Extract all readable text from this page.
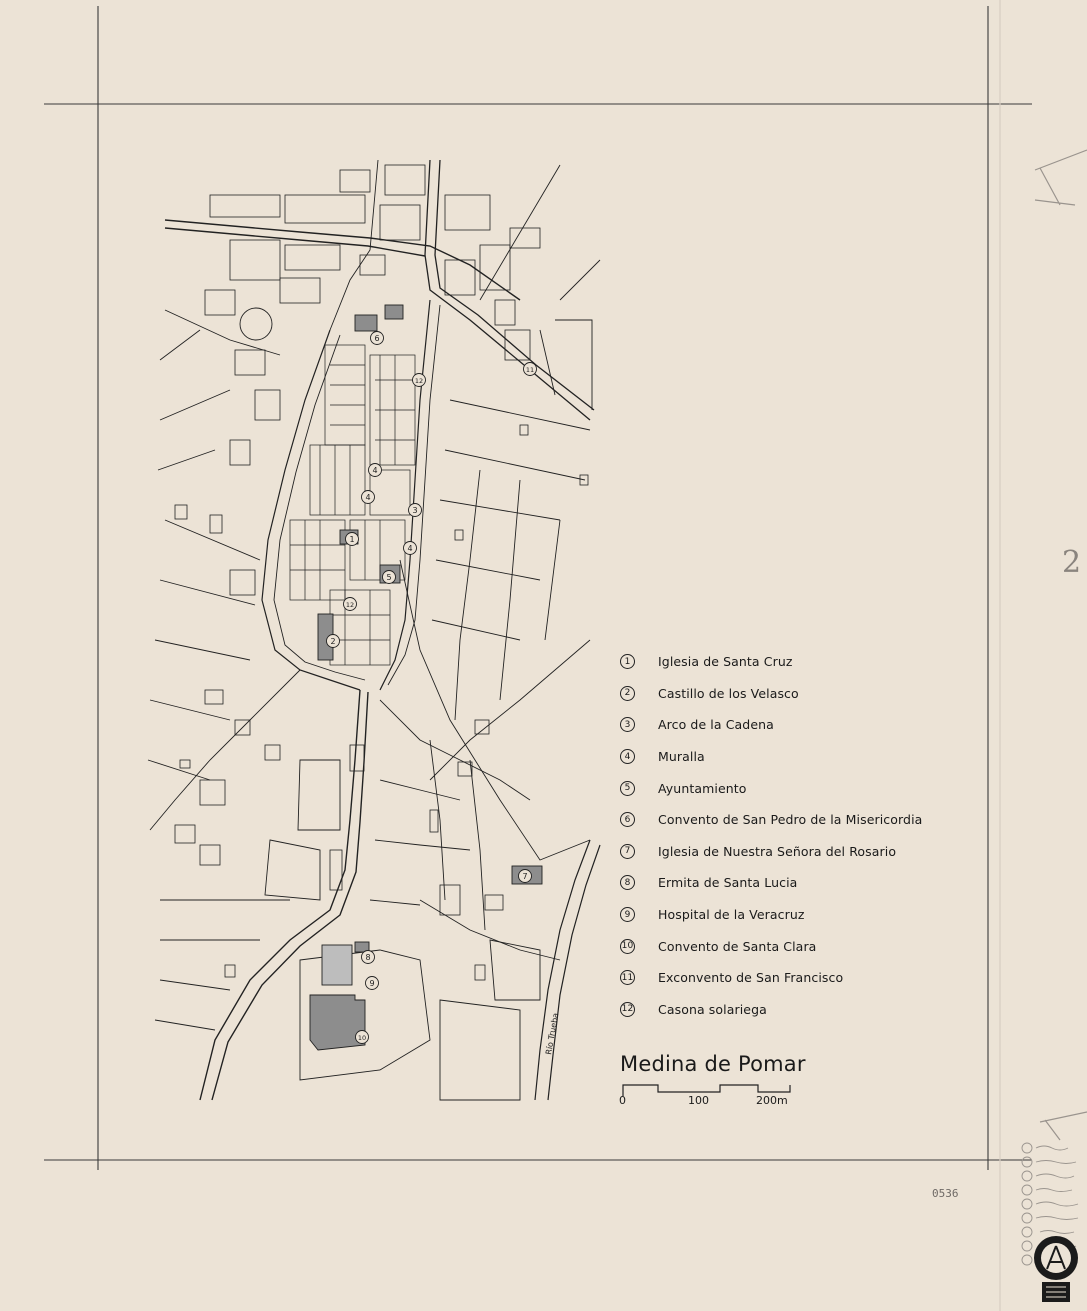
Río Trueba
1
2
3
4
4
4
5
6
7
8
9
10
11
12
12
1	Iglesia de Santa Cruz
2	Castillo de los Velasco
3	Arco de la Cadena
4	Muralla
5	Ayuntamiento
6	Convento de San Pedro de la Misericordia
7	Iglesia de Nuestra Señora del Rosario
8	Ermita de Santa Lucia
9	Hospital de la Veracruz
10 Convento de Santa Clara
11 Exconvento de San Francisco
12 Casona solariega
Medina de Pomar
0	100	200m
0536
2
